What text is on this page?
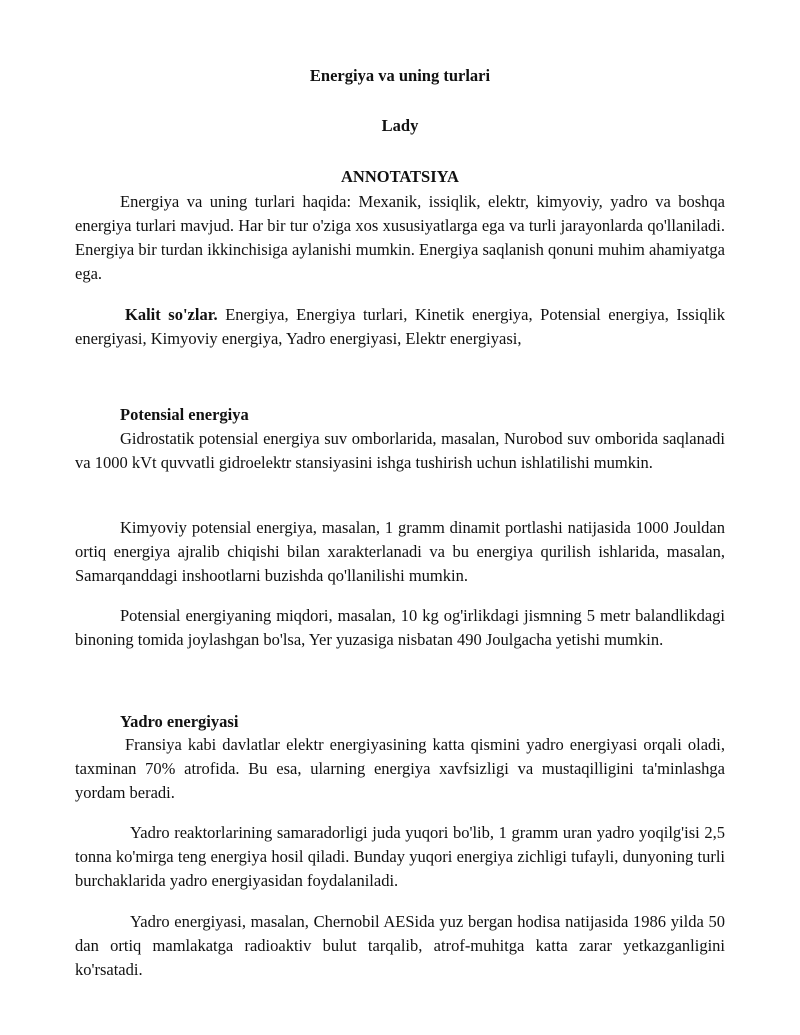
Energiya va uning turlari

Lady

ANNOTATSIYA

Energiya va uning turlari haqida: Mexanik, issiqlik, elektr, kimyoviy, yadro va boshqa energiya turlari mavjud. Har bir tur o'ziga xos xususiyatlarga ega va turli jarayonlarda qo'llaniladi. Energiya bir turdan ikkinchisiga aylanishi mumkin. Energiya saqlanish qonuni muhim ahamiyatga ega.

Kalit so'zlar. Energiya, Energiya turlari, Kinetik energiya, Potensial energiya, Issiqlik energiyasi, Kimyoviy energiya, Yadro energiyasi, Elektr energiyasi,

Potensial energiya

Gidrostatik potensial energiya suv omborlarida, masalan, Nurobod suv omborida saqlanadi va 1000 kVt quvvatli gidroelektr stansiyasini ishga tushirish uchun ishlatilishi mumkin.

Kimyoviy potensial energiya, masalan, 1 gramm dinamit portlashi natijasida 1000 Jouldan ortiq energiya ajralib chiqishi bilan xarakterlanadi va bu energiya qurilish ishlarida, masalan, Samarqanddagi inshootlarni buzishda qo'llanilishi mumkin.

Potensial energiyaning miqdori, masalan, 10 kg og'irlikdagi jismning 5 metr balandlikdagi binoning tomida joylashgan bo'lsa, Yer yuzasiga nisbatan 490 Joulgacha yetishi mumkin.

Yadro energiyasi

Fransiya kabi davlatlar elektr energiyasining katta qismini yadro energiyasi orqali oladi, taxminan 70% atrofida. Bu esa, ularning energiya xavfsizligi va mustaqilligini ta'minlashga yordam beradi.

Yadro reaktorlarining samaradorligi juda yuqori bo'lib, 1 gramm uran yadro yoqilg'isi 2,5 tonna ko'mirga teng energiya hosil qiladi. Bunday yuqori energiya zichligi tufayli, dunyoning turli burchaklarida yadro energiyasidan foydalaniladi.

Yadro energiyasi, masalan, Chernobil AESida yuz bergan hodisa natijasida 1986 yilda 50 dan ortiq mamlakatga radioaktiv bulut tarqalib, atrof-muhitga katta zarar yetkazganligini ko'rsatadi.
